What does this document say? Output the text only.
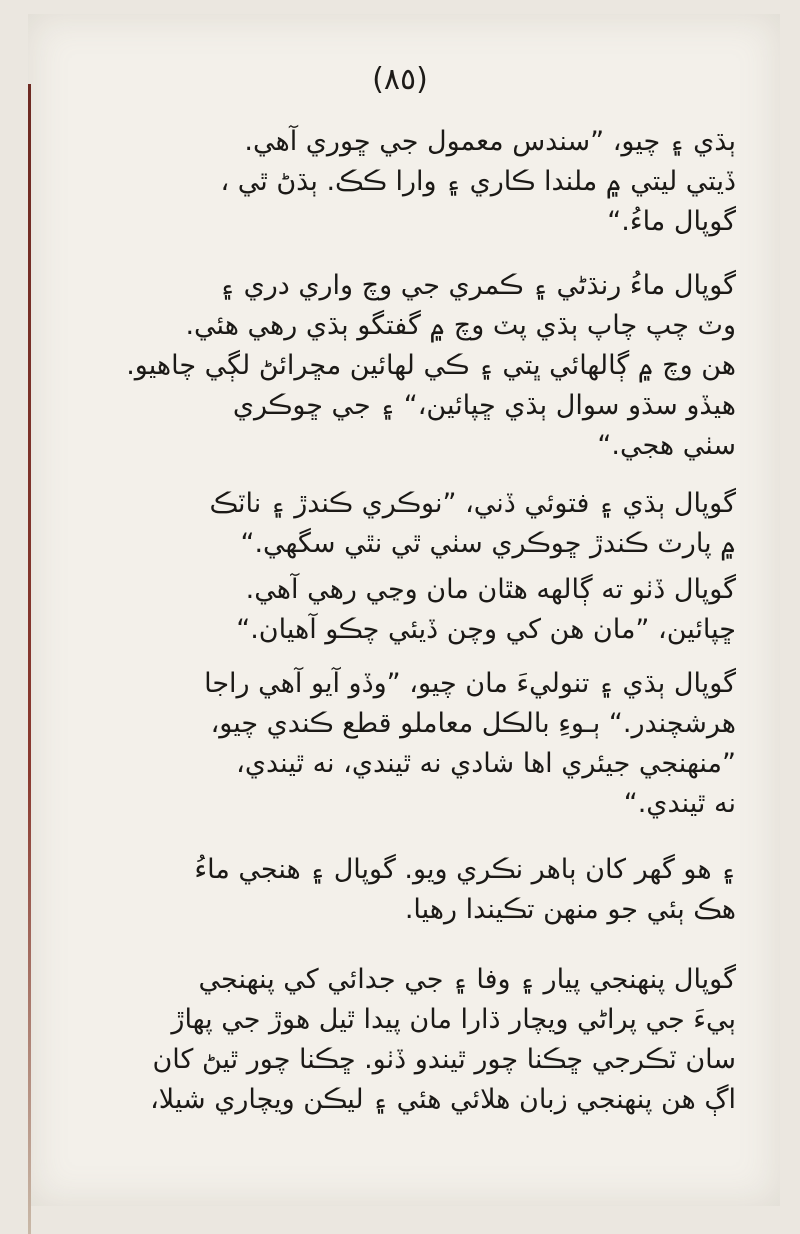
(٨٥)

ٻڌي ۽ چيو، ”سندس معمول جي ڇوري آهي.
ڏيتي ليتي ۾ ملندا ڪاري ۽ وارا ڪڪ. ٻڌڻ ٿي ،
گوپال ماءُ.“

گوپال ماءُ رنڌڻي ۽ ڪمري جي وچ واري دري ۽
وٽ چپ چاپ ٻڌي پٽ وچ ۾ گفتگو ٻڌي رهي هئي.
هن وچ ۾ ڳالهائي ڀتي ۽ ڪي لهائين مڇرائڻ لڳي چاهيو.
هيڏو سڌو سوال ٻڌي ڇپائين،“ ۽ جي ڇوڪري
سٺي هجي.“

گوپال ٻڌي ۽ فتوئي ڏني، ”نوڪري ڪندڙ ۽ ناٽڪ
۾ پارٽ ڪندڙ ڇوڪري سٺي ٿي نٿي سگهي.“

گوپال ڏٺو ته ڳالهه هٿان مان وڃي رهي آهي.
ڇپائين، ”مان هن کي وچن ڏيئي چڪو آهيان.“

گوپال ٻڌي ۽ تنوليءَ مان چيو، ”وڏو آيو آهي راجا
هرشچندر.“ ٻـوءِ بالڪل معاملو قطع ڪندي چيو،
”منهنجي جيئري اها شادي نه ٿيندي، نه ٿيندي،
نه ٿيندي.“

۽ هو گهر کان ٻاهر نڪري ويو. گوپال ۽ هنجي ماءُ
هڪ ٻئي جو منهن تڪيندا رهيا.

گوپال پنهنجي پيار ۽ وفا ۽ جي جدائي کي پنهنجي
ٻيءَ جي پراڻي ويچار ڌارا مان پيدا ٿيل هوڙ جي پهاڙ
سان ٽڪرجي ڇڪنا چور ٿيندو ڏٺو. ڇڪنا چور ٿيڻ کان
اڳ هن پنهنجي زبان هلائي هئي ۽ ليڪن ويچاري شيلا،
